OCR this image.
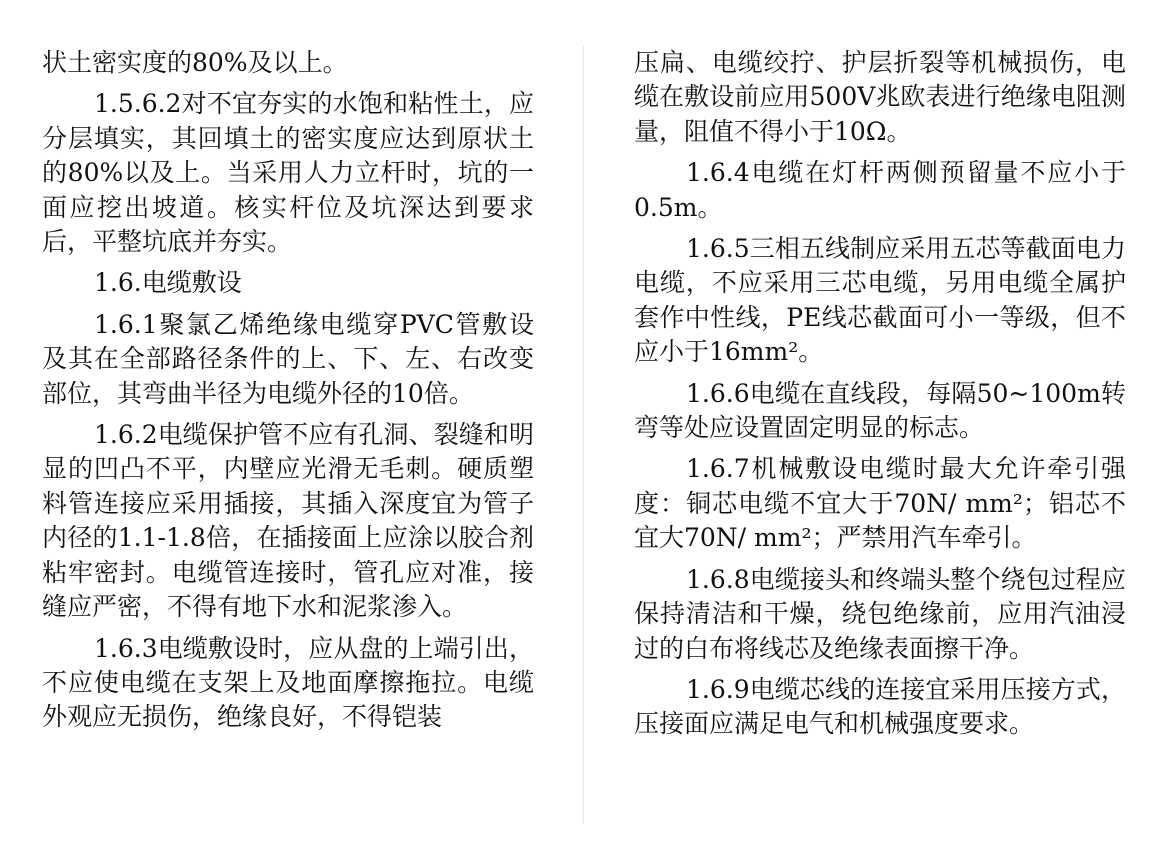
状土密实度的80%及以上。

1.5.6.2对不宜夯实的水饱和粘性土，应分层填实，其回填土的密实度应达到原状土的80%以及上。当采用人力立杆时，坑的一面应挖出坡道。核实杆位及坑深达到要求后，平整坑底并夯实。

1.6.电缆敷设

1.6.1聚氯乙烯绝缘电缆穿PVC管敷设及其在全部路径条件的上、下、左、右改变部位，其弯曲半径为电缆外径的10倍。

1.6.2电缆保护管不应有孔洞、裂缝和明显的凹凸不平，内壁应光滑无毛刺。硬质塑料管连接应采用插接，其插入深度宜为管子内径的1.1-1.8倍，在插接面上应涂以胶合剂粘牢密封。电缆管连接时，管孔应对准，接缝应严密，不得有地下水和泥浆渗入。

1.6.3电缆敷设时，应从盘的上端引出，不应使电缆在支架上及地面摩擦拖拉。电缆外观应无损伤，绝缘良好，不得铠装

压扁、电缆绞拧、护层折裂等机械损伤，电缆在敷设前应用500V兆欧表进行绝缘电阻测量，阻值不得小于10Ω。

1.6.4电缆在灯杆两侧预留量不应小于0.5m。

1.6.5三相五线制应采用五芯等截面电力电缆，不应采用三芯电缆，另用电缆全属护套作中性线，PE线芯截面可小一等级，但不应小于16mm²。

1.6.6电缆在直线段，每隔50~100m转弯等处应设置固定明显的标志。

1.6.7机械敷设电缆时最大允许牵引强度：铜芯电缆不宜大于70N/ mm²；铝芯不宜大70N/ mm²；严禁用汽车牵引。

1.6.8电缆接头和终端头整个绕包过程应保持清洁和干燥，绕包绝缘前，应用汽油浸过的白布将线芯及绝缘表面擦干净。

1.6.9电缆芯线的连接宜采用压接方式，压接面应满足电气和机械强度要求。
